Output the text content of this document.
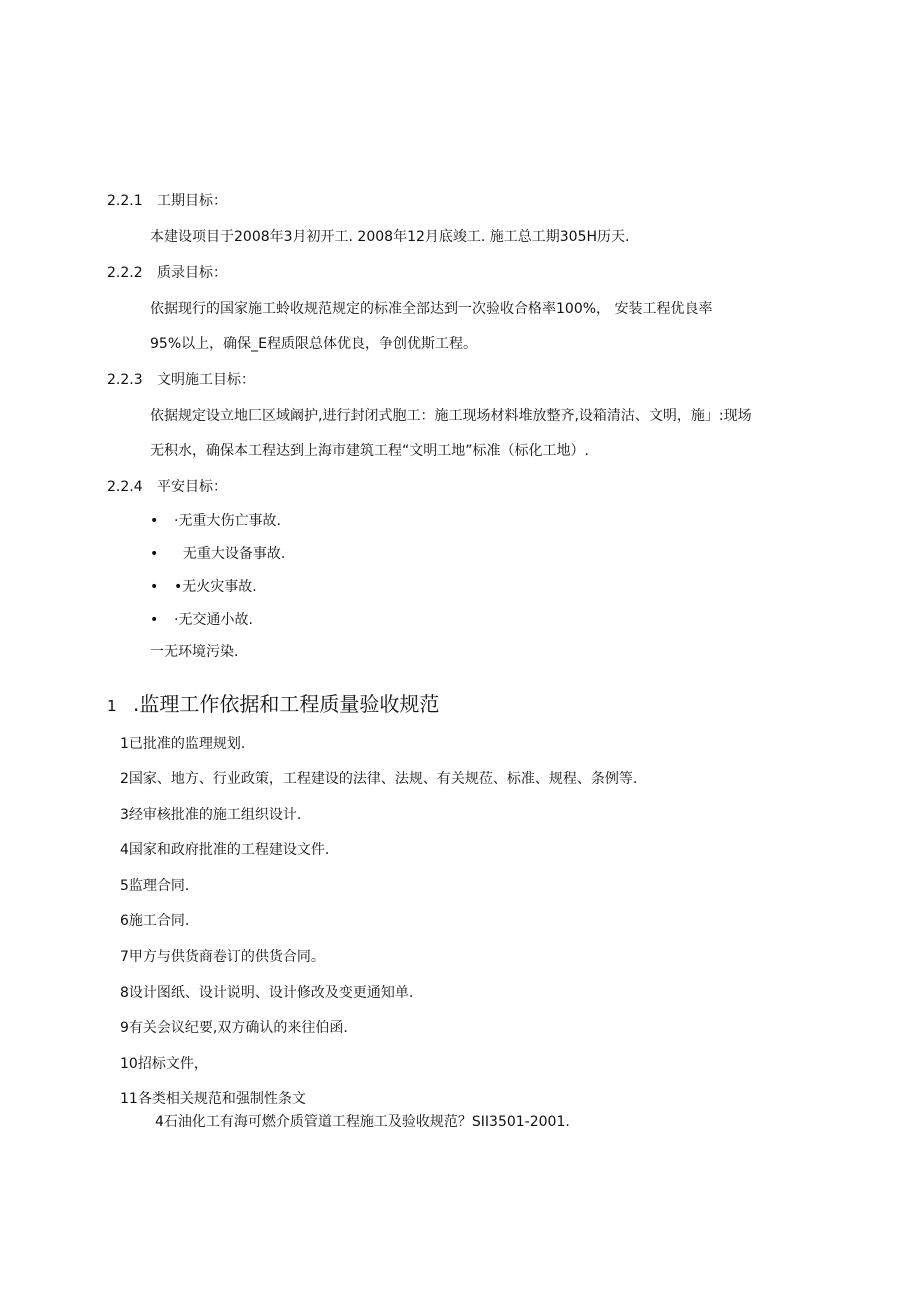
2.2.1 工期目标：
本建设项目于2008年3月初开工. 2008年12月底竣工. 施工总工期305H历天.
2.2.2 质录目标：
依据现行的国家施工蛉收规范规定的标准全部达到一次验收合格率100%， 安装工程优良率
95%以上，确保_E程质限总体优良，争创优斯工程。
2.2.3 文明施工目标：
依据规定设立地匚区域阚护,进行封闭式胞工：施工现场材料堆放整齐,设箱清沽、文明，施」:现场
无积水，确保本工程达到上海市建筑工程“文明工地”标准（标化工地）.
2.2.4 平安目标：
• ·无重大伤亡事故.
•  无重大设备事故.
• •无火灾事故.
• ·无交通小故.
一无环境污染.
1 .监理工作依据和工程质量验收规范
1已批准的监理规划.
2国家、地方、行业政策，工程建设的法律、法规、有关规莅、标准、规程、条例等.
3经审核批准的施工组织设计.
4国家和政府批准的工程建设文件.
5监理合同.
6施工合同.
7甲方与供货商卷订的供货合同。
8设计图纸、设计说明、设计修改及变更通知单.
9有关会议纪要,双方确认的来往伯函.
10招标文件，
11各类相关规范和强制性条文
4石油化工有海可燃介质管道工程施工及验收规范？SII3501-2001.
